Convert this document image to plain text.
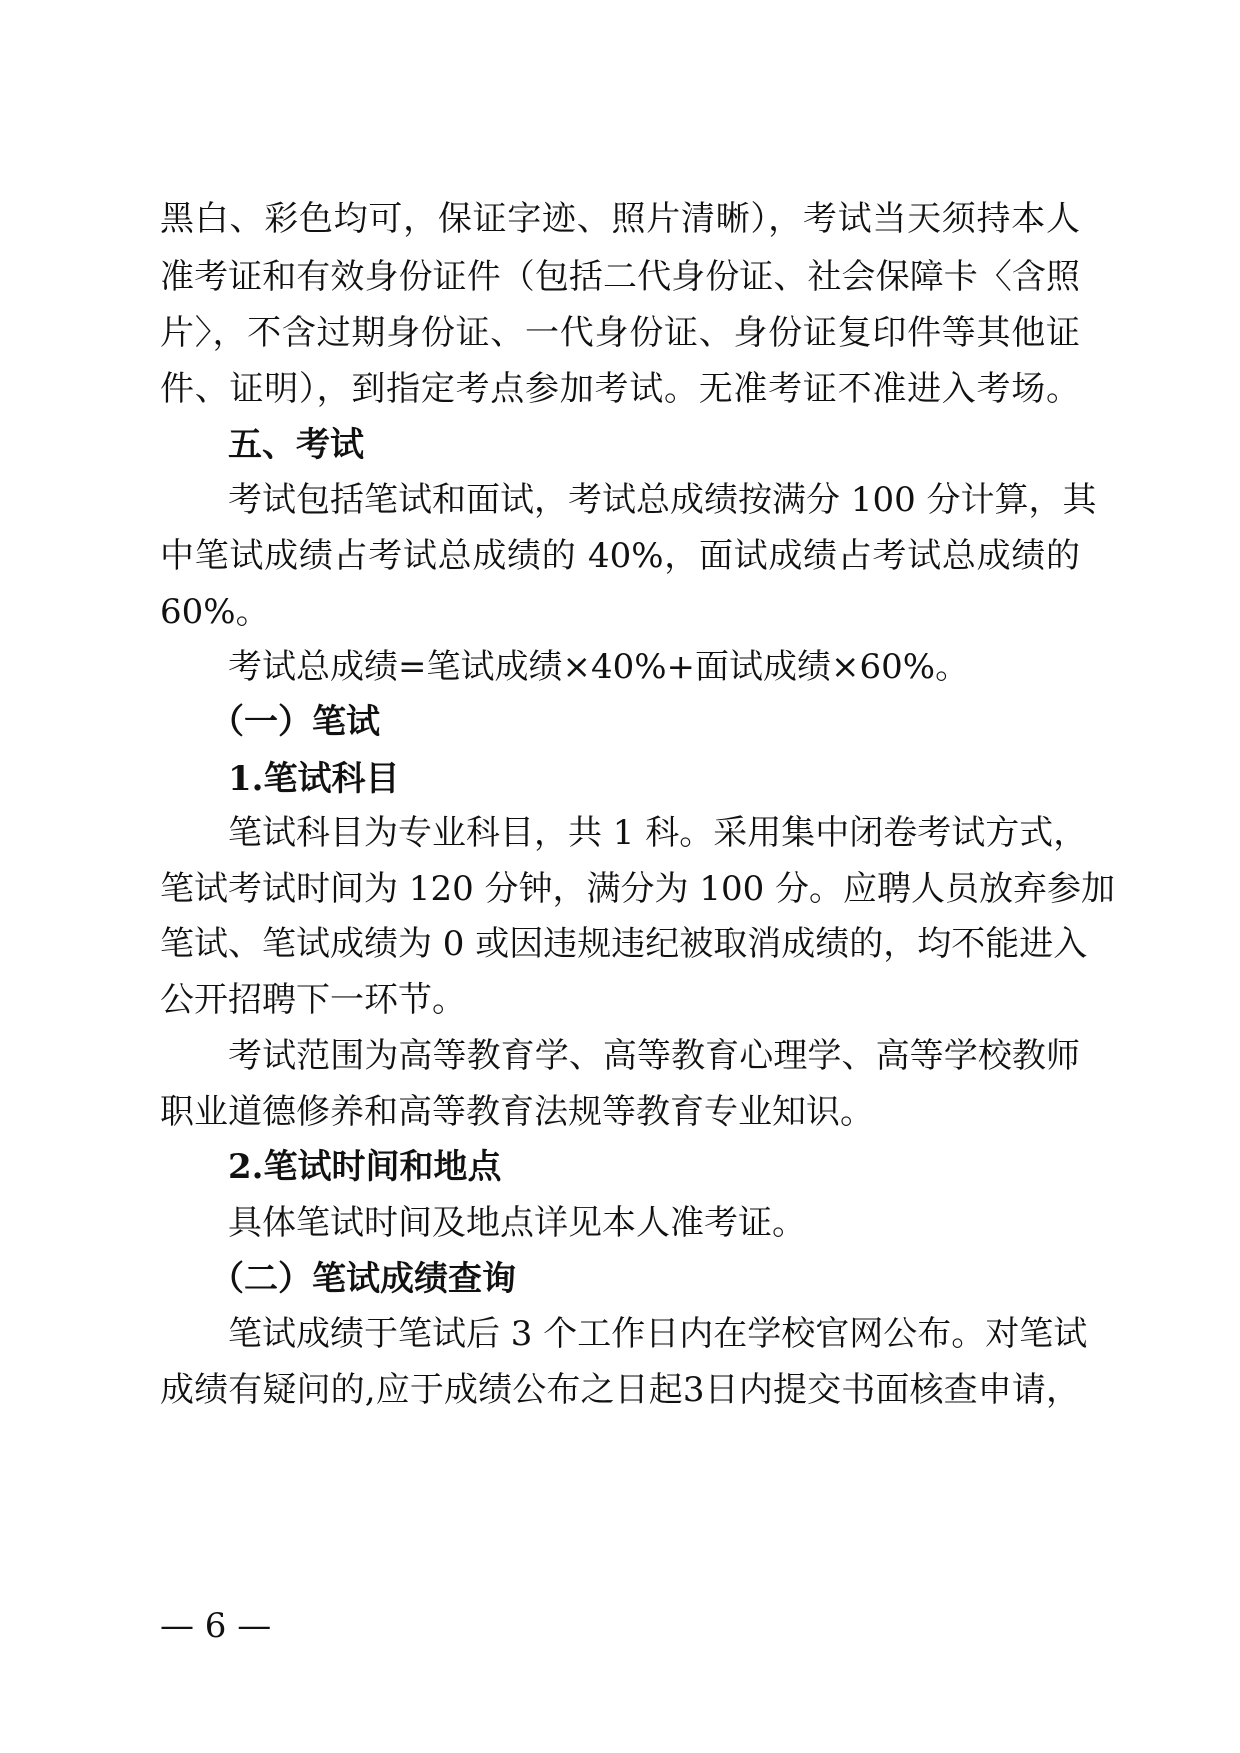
黑白、彩色均可，保证字迹、照片清晰），考试当天须持本人
准考证和有效身份证件（包括二代身份证、社会保障卡〈含照
片〉，不含过期身份证、一代身份证、身份证复印件等其他证
件、证明），到指定考点参加考试。无准考证不准进入考场。
五、考试
考试包括笔试和面试，考试总成绩按满分 100 分计算，其
中笔试成绩占考试总成绩的 40%，面试成绩占考试总成绩的
60%。
考试总成绩=笔试成绩×40%+面试成绩×60%。
（一）笔试
1.笔试科目
笔试科目为专业科目，共 1 科。采用集中闭卷考试方式，
笔试考试时间为 120 分钟，满分为 100 分。应聘人员放弃参加
笔试、笔试成绩为 0 或因违规违纪被取消成绩的，均不能进入
公开招聘下一环节。
考试范围为高等教育学、高等教育心理学、高等学校教师
职业道德修养和高等教育法规等教育专业知识。
2.笔试时间和地点
具体笔试时间及地点详见本人准考证。
（二）笔试成绩查询
笔试成绩于笔试后 3 个工作日内在学校官网公布。对笔试
成绩有疑问的,应于成绩公布之日起3日内提交书面核查申请，
— 6 —
